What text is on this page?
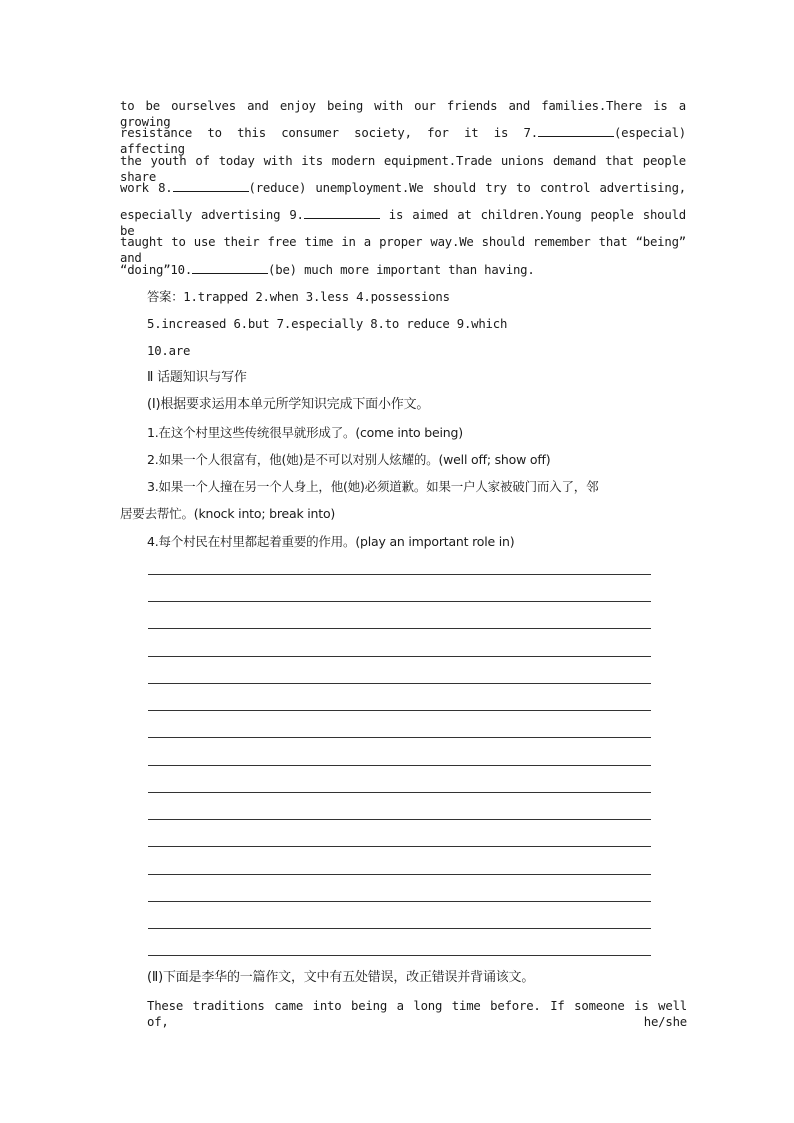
to be ourselves and enjoy being with our friends and families.There is a growing
resistance to this consumer society, for it is 7.	(especial) affecting
the youth of today with its modern equipment.Trade unions demand that people share
work 8.	(reduce) unemployment.We should try to control advertising,
especially advertising 9.	is aimed at children.Young people should be
taught to use their free time in a proper way.We should remember that “being” and
“doing”10.	(be) much more important than having.
答案：1.trapped 2.when 3.less 4.possessions
5.increased 6.but 7.especially 8.to reduce 9.which
10.are
Ⅱ 话题知识与写作
(Ⅰ)根据要求运用本单元所学知识完成下面小作文。
1.在这个村里这些传统很早就形成了。(come into being)
2.如果一个人很富有，他(她)是不可以对别人炫耀的。(well off; show off)
3.如果一个人撞在另一个人身上，他(她)必须道歉。如果一户人家被破门而入了，邻
居要去帮忙。(knock into; break into)
4.每个村民在村里都起着重要的作用。(play an important role in)
(Ⅱ)下面是李华的一篇作文，文中有五处错误，改正错误并背诵该文。
These traditions came into being a long time before. If someone is well of, he/she
